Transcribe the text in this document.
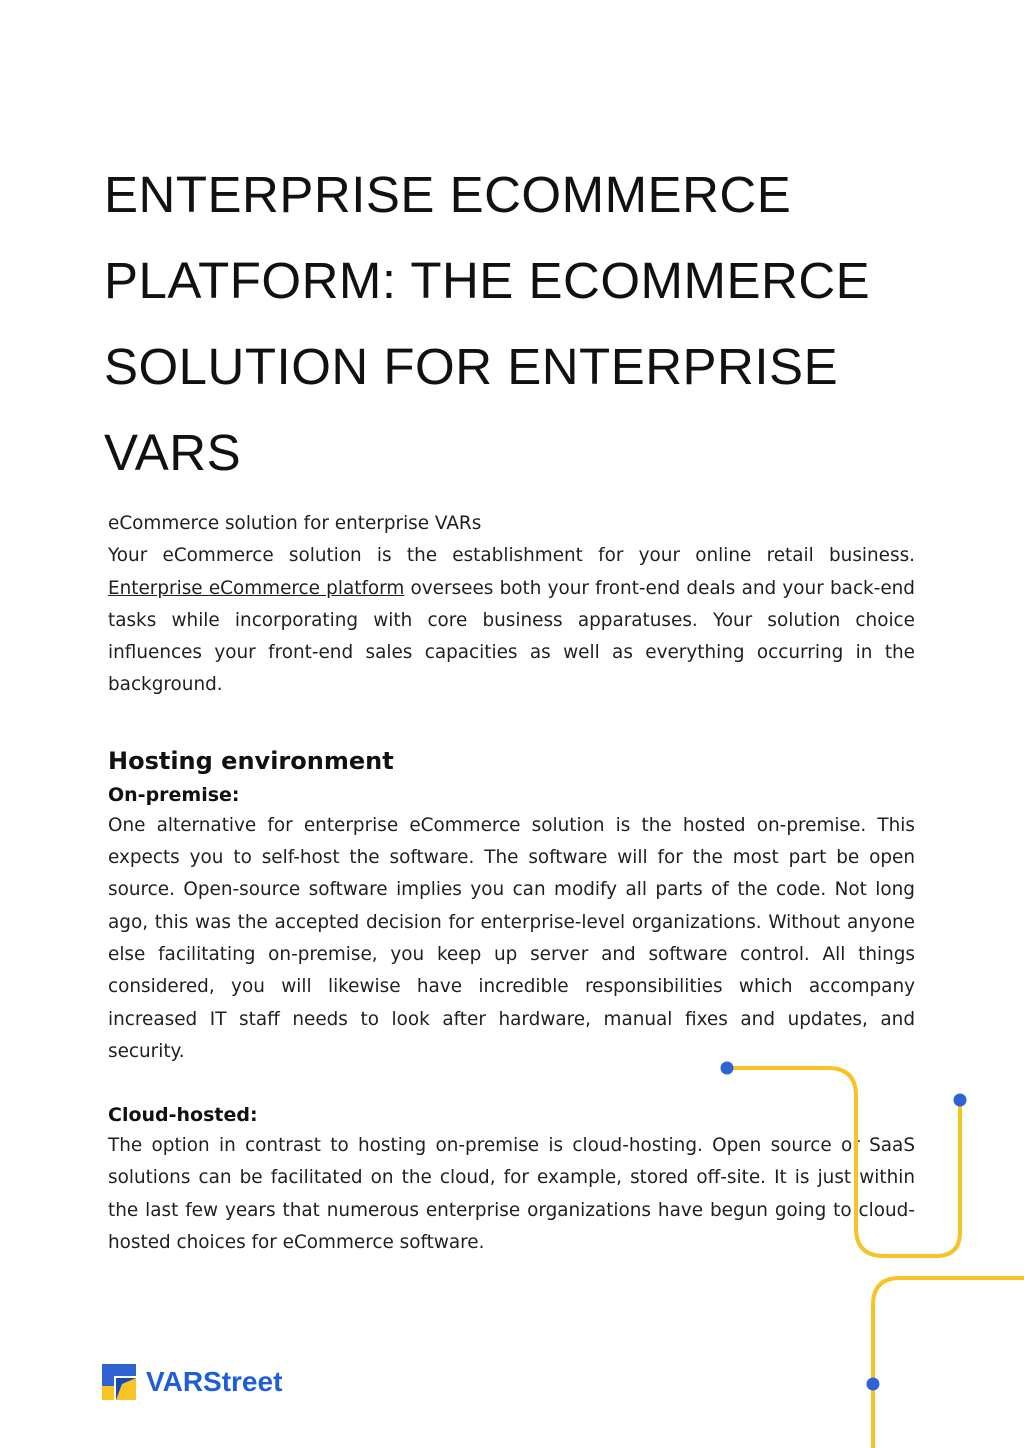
ENTERPRISE ECOMMERCE
PLATFORM: THE ECOMMERCE
SOLUTION FOR ENTERPRISE
VARS

eCommerce solution for enterprise VARs

Your eCommerce solution is the establishment for your online retail business. Enterprise eCommerce platform oversees both your front-end deals and your back-end tasks while incorporating with core business apparatuses. Your solution choice influences your front-end sales capacities as well as everything occurring in the background.

Hosting environment
On-premise:

One alternative for enterprise eCommerce solution is the hosted on-premise. This expects you to self-host the software. The software will for the most part be open source. Open-source software implies you can modify all parts of the code. Not long ago, this was the accepted decision for enterprise-level organizations. Without anyone else facilitating on-premise, you keep up server and software control. All things considered, you will likewise have incredible responsibilities which accompany increased IT staff needs to look after hardware, manual fixes and updates, and security.

Cloud-hosted:

The option in contrast to hosting on-premise is cloud-hosting. Open source or SaaS solutions can be facilitated on the cloud, for example, stored off-site. It is just within the last few years that numerous enterprise organizations have begun going to cloud-hosted choices for eCommerce software.

VARStreet
